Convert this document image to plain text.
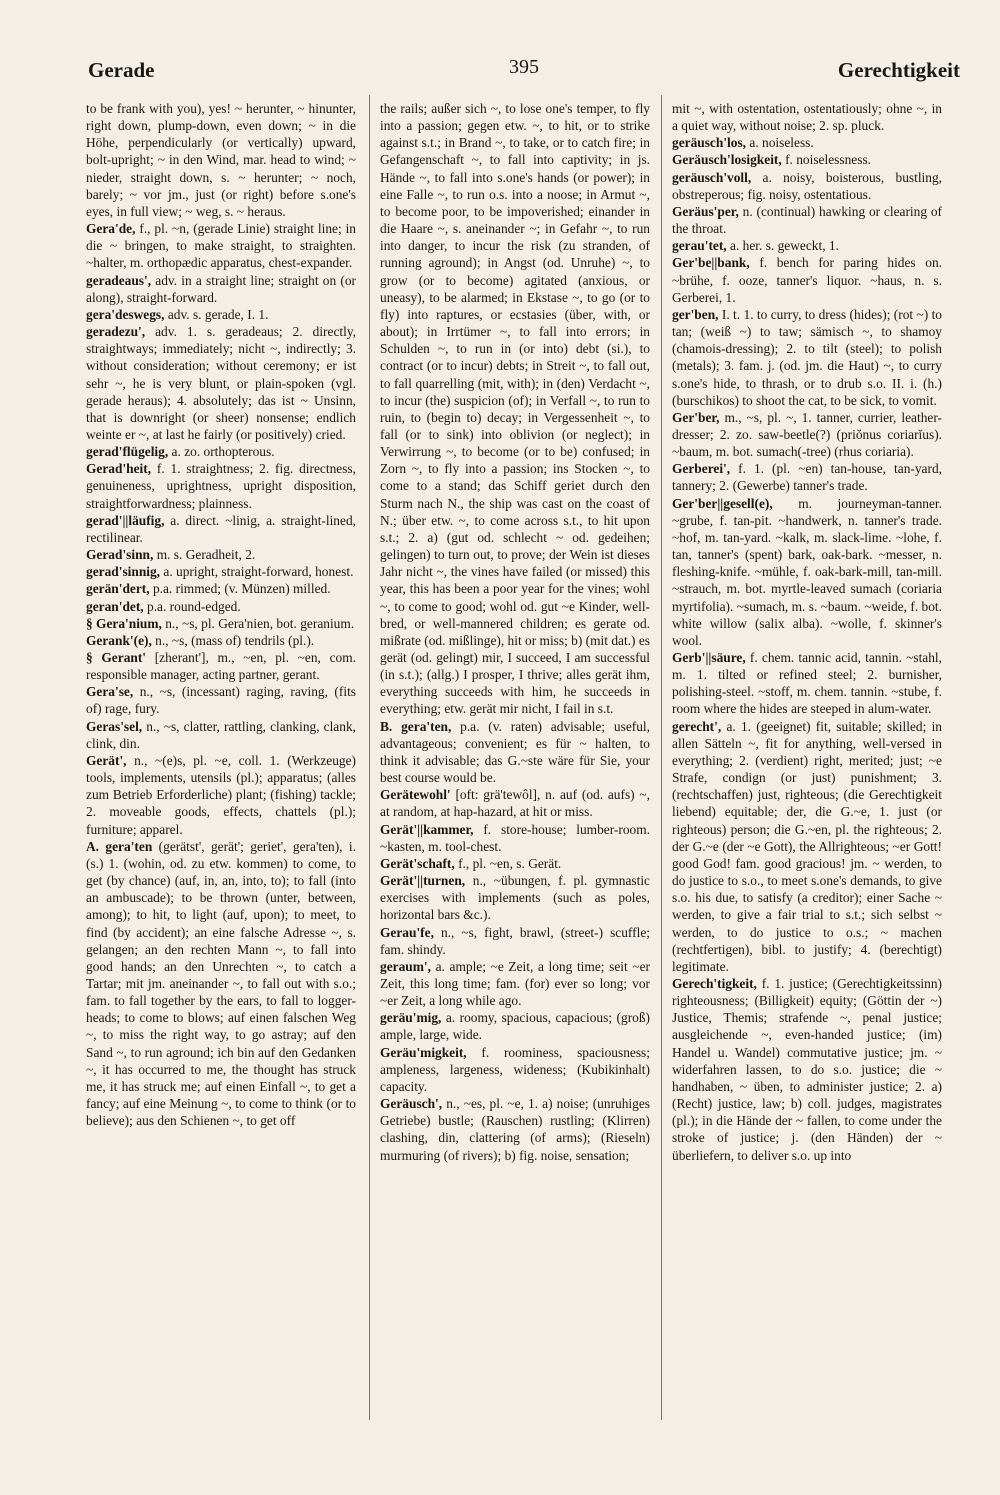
Gerade	395	Gerechtigkeit

to be frank with you), yes! ~ herunter, ~ hinunter, right down, plump-down, even down; ~ in die Höhe, perpendicularly (or vertically) upward, bolt-upright; ~ in den Wind, mar. head to wind; ~ nieder, straight down, s. ~ herunter; ~ noch, barely; ~ vor jm., just (or right) before s.one's eyes, in full view; ~ weg, s. ~ heraus.

Gera'de, f., pl. ~n, (gerade Linie) straight line; in die ~ bringen, to make straight, to straighten. ~halter, m. orthopædic apparatus, chest-expander.

geradeaus', adv. in a straight line; straight on (or along), straight-forward.

gera'deswegs, adv. s. gerade, I. 1.

geradezu', adv. 1. s. geradeaus; 2. directly, straightways; immediately; nicht ~, indirectly; 3. without consideration; without ceremony; er ist sehr ~, he is very blunt, or plain-spoken (vgl. gerade heraus); 4. absolutely; das ist ~ Unsinn, that is downright (or sheer) nonsense; endlich weinte er ~, at last he fairly (or positively) cried.

gerad'flügelig, a. zo. orthopterous.

Gerad'heit, f. 1. straightness; 2. fig. directness, genuineness, uprightness, upright disposition, straightforwardness; plainness.

gerad'||läufig, a. direct. ~linig, a. straight-lined, rectilinear.

Gerad'sinn, m. s. Geradheit, 2.

gerad'sinnig, a. upright, straight-forward, honest.

gerän'dert, p.a. rimmed; (v. Münzen) milled.

geran'det, p.a. round-edged.

§ Gera'nium, n., ~s, pl. Gera'nien, bot. geranium.

Gerank'(e), n., ~s, (mass of) tendrils (pl.).

§ Gerant' [zherant'], m., ~en, pl. ~en, com. responsible manager, acting partner, gerant.

Gera'se, n., ~s, (incessant) raging, raving, (fits of) rage, fury.

Geras'sel, n., ~s, clatter, rattling, clanking, clank, clink, din.

Gerät', n., ~(e)s, pl. ~e, coll. 1. (Werkzeuge) tools, implements, utensils (pl.); apparatus; (alles zum Betrieb Erforderliche) plant; (fishing) tackle; 2. moveable goods, effects, chattels (pl.); furniture; apparel.

A. gera'ten (gerätst', gerät'; geriet', gera'ten), i. (s.) 1. (wohin, od. zu etw. kommen) to come, to get (by chance) (auf, in, an, into, to); to fall (into an ambuscade); to be thrown (unter, between, among); to hit, to light (auf, upon); to meet, to find (by accident); an eine falsche Adresse ~, s. gelangen; an den rechten Mann ~, to fall into good hands; an den Unrechten ~, to catch a Tartar; mit jm. aneinander ~, to fall out with s.o.; fam. to fall together by the ears, to fall to logger-heads; to come to blows; auf einen falschen Weg ~, to miss the right way, to go astray; auf den Sand ~, to run aground; ich bin auf den Gedanken ~, it has occurred to me, the thought has struck me, it has struck me; auf einen Einfall ~, to get a fancy; auf eine Meinung ~, to come to think (or to believe); aus den Schienen ~, to get off

the rails; außer sich ~, to lose one's temper, to fly into a passion; gegen etw. ~, to hit, or to strike against s.t.; in Brand ~, to take, or to catch fire; in Gefangenschaft ~, to fall into captivity; in js. Hände ~, to fall into s.one's hands (or power); in eine Falle ~, to run o.s. into a noose; in Armut ~, to become poor, to be impoverished; einander in die Haare ~, s. aneinander ~; in Gefahr ~, to run into danger, to incur the risk (zu stranden, of running aground); in Angst (od. Unruhe) ~, to grow (or to become) agitated (anxious, or uneasy), to be alarmed; in Ekstase ~, to go (or to fly) into raptures, or ecstasies (über, with, or about); in Irrtümer ~, to fall into errors; in Schulden ~, to run in (or into) debt (si.), to contract (or to incur) debts; in Streit ~, to fall out, to fall quarrelling (mit, with); in (den) Verdacht ~, to incur (the) suspicion (of); in Verfall ~, to run to ruin, to (begin to) decay; in Vergessenheit ~, to fall (or to sink) into oblivion (or neglect); in Verwirrung ~, to become (or to be) confused; in Zorn ~, to fly into a passion; ins Stocken ~, to come to a stand; das Schiff geriet durch den Sturm nach N., the ship was cast on the coast of N.; über etw. ~, to come across s.t., to hit upon s.t.; 2. a) (gut od. schlecht ~ od. gedeihen; gelingen) to turn out, to prove; der Wein ist dieses Jahr nicht ~, the vines have failed (or missed) this year, this has been a poor year for the vines; wohl ~, to come to good; wohl od. gut ~e Kinder, well-bred, or well-mannered children; es gerate od. mißrate (od. mißlinge), hit or miss; b) (mit dat.) es gerät (od. gelingt) mir, I succeed, I am successful (in s.t.); (allg.) I prosper, I thrive; alles gerät ihm, everything succeeds with him, he succeeds in everything; etw. gerät mir nicht, I fail in s.t.

B. gera'ten, p.a. (v. raten) advisable; useful, advantageous; convenient; es für ~ halten, to think it advisable; das G.~ste wäre für Sie, your best course would be.

Gerätewohl' [oft: grä'tewôl], n. auf (od. aufs) ~, at random, at hap-hazard, at hit or miss.

Gerät'||kammer, f. store-house; lumber-room. ~kasten, m. tool-chest.

Gerät'schaft, f., pl. ~en, s. Gerät.

Gerät'||turnen, n., ~übungen, f. pl. gymnastic exercises with implements (such as poles, horizontal bars &c.).

Gerau'fe, n., ~s, fight, brawl, (street-) scuffle; fam. shindy.

geraum', a. ample; ~e Zeit, a long time; seit ~er Zeit, this long time; fam. (for) ever so long; vor ~er Zeit, a long while ago.

geräu'mig, a. roomy, spacious, capacious; (groß) ample, large, wide.

Geräu'migkeit, f. roominess, spaciousness; ampleness, largeness, wideness; (Kubikinhalt) capacity.

Geräusch', n., ~es, pl. ~e, 1. a) noise; (unruhiges Getriebe) bustle; (Rauschen) rustling; (Klirren) clashing, din, clattering (of arms); (Rieseln) murmuring (of rivers); b) fig. noise, sensation;

mit ~, with ostentation, ostentatiously; ohne ~, in a quiet way, without noise; 2. sp. pluck.

geräusch'los, a. noiseless.

Geräusch'losigkeit, f. noiselessness.

geräusch'voll, a. noisy, boisterous, bustling, obstreperous; fig. noisy, ostentatious.

Geräus'per, n. (continual) hawking or clearing of the throat.

gerau'tet, a. her. s. geweckt, 1.

Ger'be||bank, f. bench for paring hides on. ~brühe, f. ooze, tanner's liquor. ~haus, n. s. Gerberei, 1.

ger'ben, I. t. 1. to curry, to dress (hides); (rot ~) to tan; (weiß ~) to taw; sämisch ~, to shamoy (chamois-dressing); 2. to tilt (steel); to polish (metals); 3. fam. j. (od. jm. die Haut) ~, to curry s.one's hide, to thrash, or to drub s.o. II. i. (h.) (burschikos) to shoot the cat, to be sick, to vomit.

Ger'ber, m., ~s, pl. ~, 1. tanner, currier, leather-dresser; 2. zo. saw-beetle(?) (priŏnus coriarĭus). ~baum, m. bot. sumach(-tree) (rhus coriaria).

Gerberei', f. 1. (pl. ~en) tan-house, tan-yard, tannery; 2. (Gewerbe) tanner's trade.

Ger'ber||gesell(e), m. journeyman-tanner. ~grube, f. tan-pit. ~handwerk, n. tanner's trade. ~hof, m. tan-yard. ~kalk, m. slack-lime. ~lohe, f. tan, tanner's (spent) bark, oak-bark. ~messer, n. fleshing-knife. ~mühle, f. oak-bark-mill, tan-mill. ~strauch, m. bot. myrtle-leaved sumach (coriaria myrtifolia). ~sumach, m. s. ~baum. ~weide, f. bot. white willow (salix alba). ~wolle, f. skinner's wool.

Gerb'||säure, f. chem. tannic acid, tannin. ~stahl, m. 1. tilted or refined steel; 2. burnisher, polishing-steel. ~stoff, m. chem. tannin. ~stube, f. room where the hides are steeped in alum-water.

gerecht', a. 1. (geeignet) fit, suitable; skilled; in allen Sätteln ~, fit for anything, well-versed in everything; 2. (verdient) right, merited; just; ~e Strafe, condign (or just) punishment; 3. (rechtschaffen) just, righteous; (die Gerechtigkeit liebend) equitable; der, die G.~e, 1. just (or righteous) person; die G.~en, pl. the righteous; 2. der G.~e (der ~e Gott), the Allrighteous; ~er Gott! good God! fam. good gracious! jm. ~ werden, to do justice to s.o., to meet s.one's demands, to give s.o. his due, to satisfy (a creditor); einer Sache ~ werden, to give a fair trial to s.t.; sich selbst ~ werden, to do justice to o.s.; ~ machen (rechtfertigen), bibl. to justify; 4. (berechtigt) legitimate.

Gerech'tigkeit, f. 1. justice; (Gerechtigkeitssinn) righteousness; (Billigkeit) equity; (Göttin der ~) Justice, Themis; strafende ~, penal justice; ausgleichende ~, even-handed justice; (im) Handel u. Wandel) commutative justice; jm. ~ widerfahren lassen, to do s.o. justice; die ~ handhaben, ~ üben, to administer justice; 2. a) (Recht) justice, law; b) coll. judges, magistrates (pl.); in die Hände der ~ fallen, to come under the stroke of justice; j. (den Händen) der ~ überliefern, to deliver s.o. up into
